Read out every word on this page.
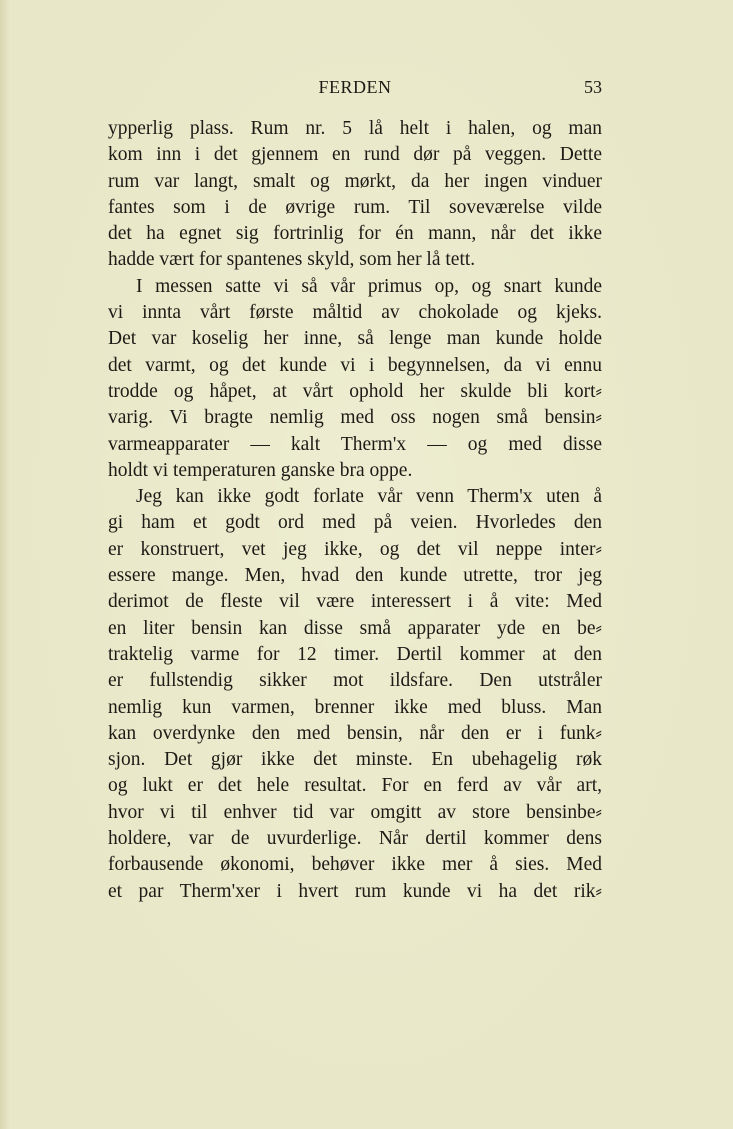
FERDEN	53
ypperlig plass. Rum nr. 5 lå helt i halen, og man
kom inn i det gjennem en rund dør på veggen. Dette
rum var langt, smalt og mørkt, da her ingen vinduer
fantes som i de øvrige rum. Til soveværelse vilde
det ha egnet sig fortrinlig for én mann, når det ikke
hadde vært for spantenes skyld, som her lå tett.
I messen satte vi så vår primus op, og snart kunde
vi innta vårt første måltid av chokolade og kjeks.
Det var koselig her inne, så lenge man kunde holde
det varmt, og det kunde vi i begynnelsen, da vi ennu
trodde og håpet, at vårt ophold her skulde bli kort⸗
varig. Vi bragte nemlig med oss nogen små bensin⸗
varmeapparater — kalt Therm'x — og med disse
holdt vi temperaturen ganske bra oppe.
Jeg kan ikke godt forlate vår venn Therm'x uten å
gi ham et godt ord med på veien. Hvorledes den
er konstruert, vet jeg ikke, og det vil neppe inter⸗
essere mange. Men, hvad den kunde utrette, tror jeg
derimot de fleste vil være interessert i å vite: Med
en liter bensin kan disse små apparater yde en be⸗
traktelig varme for 12 timer. Dertil kommer at den
er fullstendig sikker mot ildsfare. Den utstråler
nemlig kun varmen, brenner ikke med bluss. Man
kan overdynke den med bensin, når den er i funk⸗
sjon. Det gjør ikke det minste. En ubehagelig røk
og lukt er det hele resultat. For en ferd av vår art,
hvor vi til enhver tid var omgitt av store bensinbe⸗
holdere, var de uvurderlige. Når dertil kommer dens
forbausende økonomi, behøver ikke mer å sies. Med
et par Therm'xer i hvert rum kunde vi ha det rik⸗
